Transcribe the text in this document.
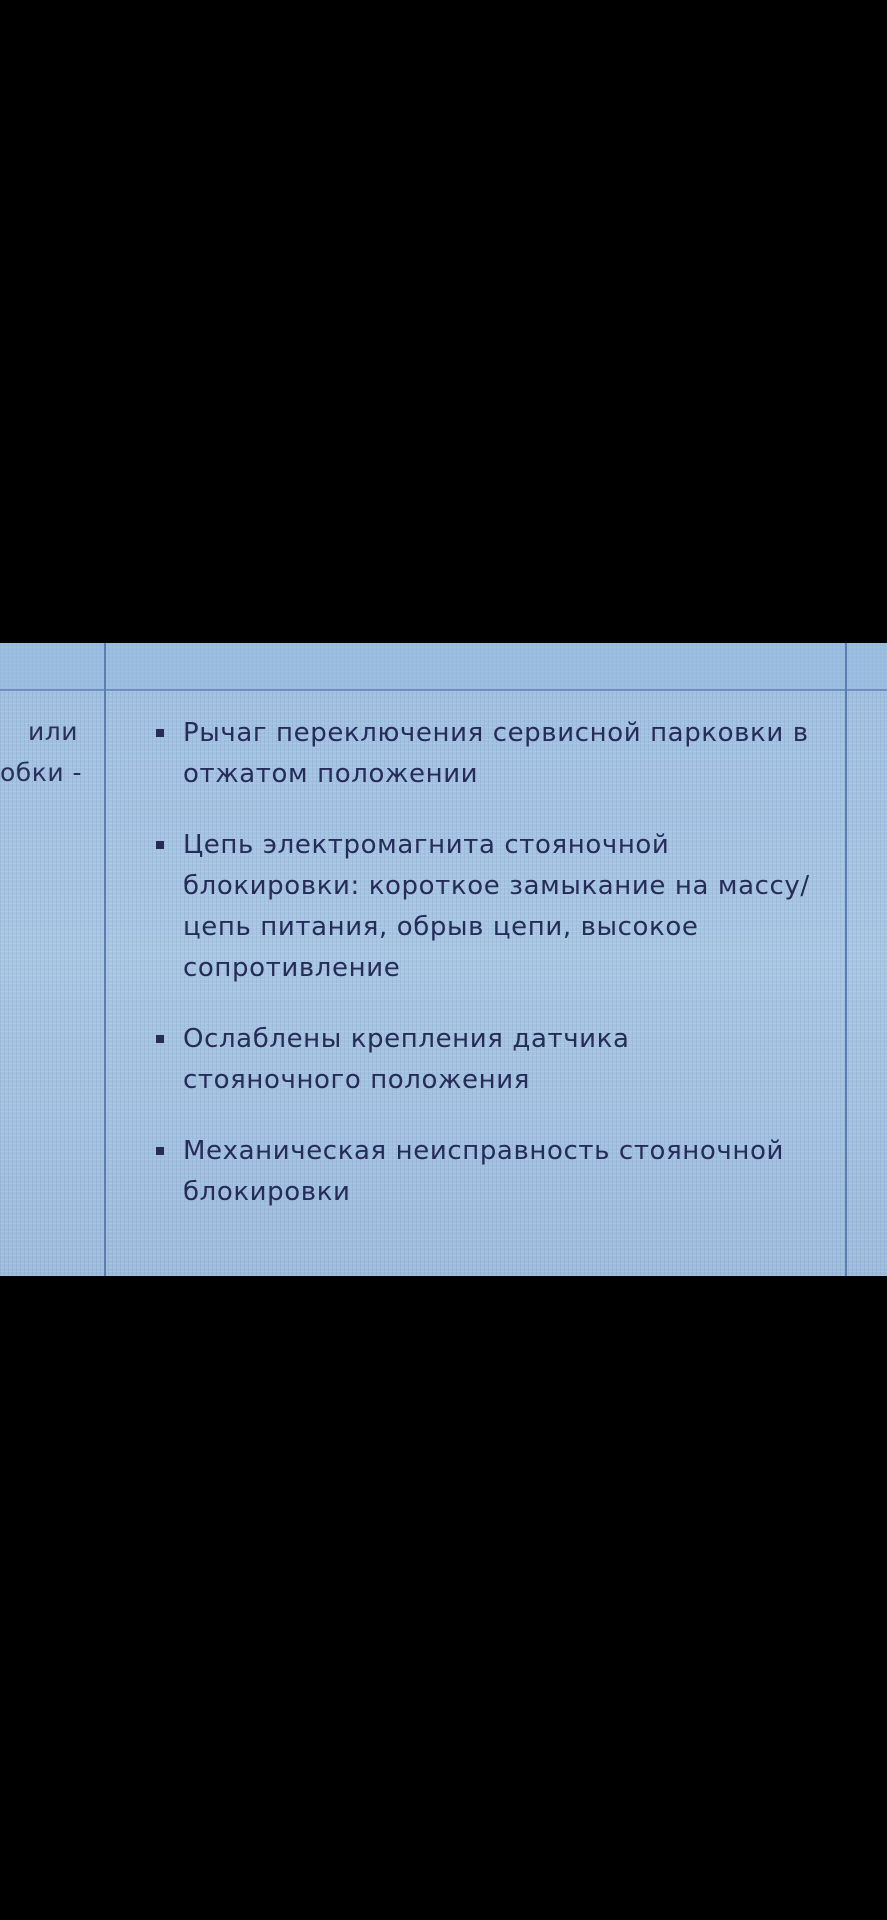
или
обки -
Рычаг переключения сервисной парковки в отжатом положении
Цепь электромагнита стояночной блокировки: короткое замыкание на массу/цепь питания, обрыв цепи, высокое сопротивление
Ослаблены крепления датчика стояночного положения
Механическая неисправность стояночной блокировки
